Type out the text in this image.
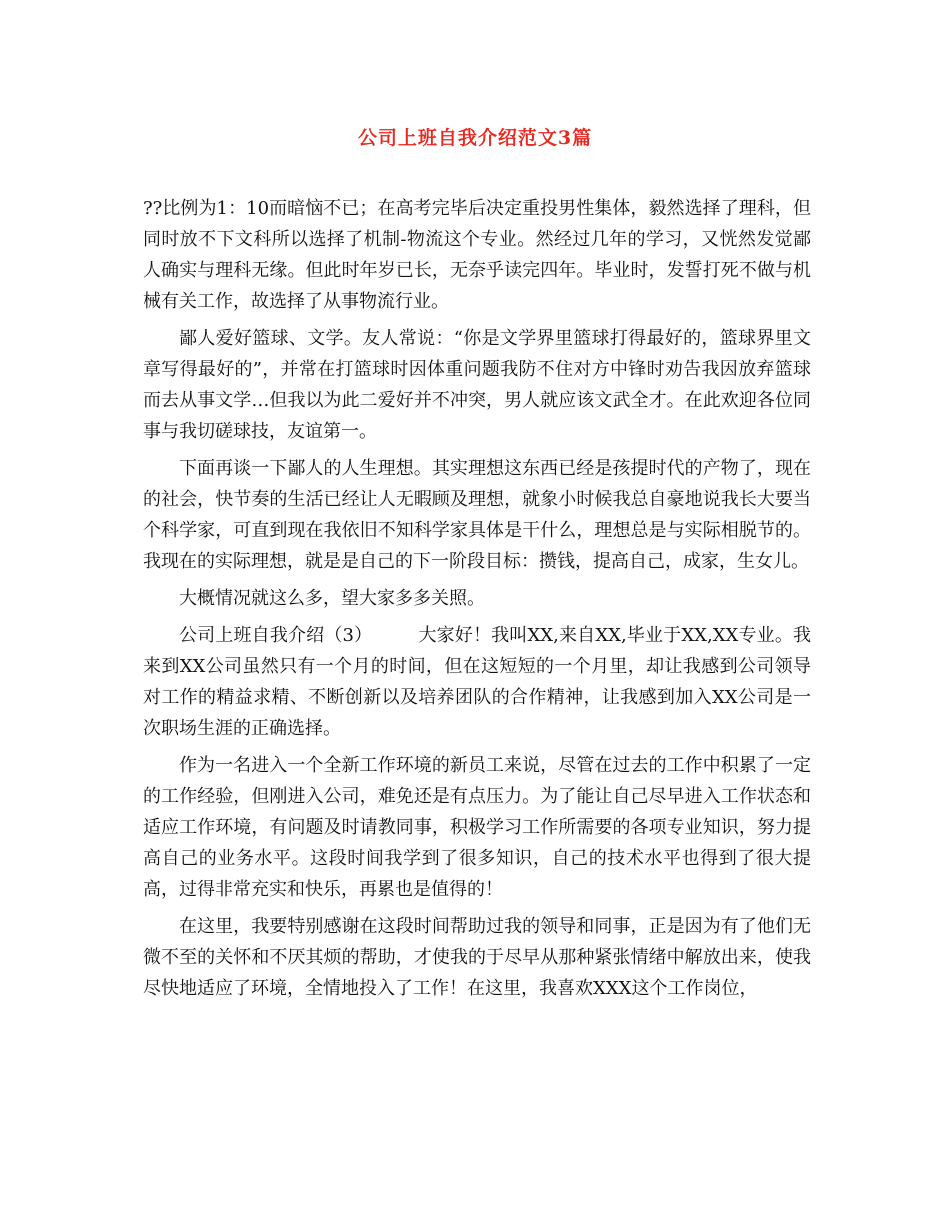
公司上班自我介绍范文3篇

??比例为1：10而暗恼不已；在高考完毕后决定重投男性集体，毅然选择了理科，但同时放不下文科所以选择了机制-物流这个专业。然经过几年的学习，又恍然发觉鄙人确实与理科无缘。但此时年岁已长，无奈乎读完四年。毕业时，发誓打死不做与机械有关工作，故选择了从事物流行业。

鄙人爱好篮球、文学。友人常说：“你是文学界里篮球打得最好的，篮球界里文章写得最好的”，并常在打篮球时因体重问题我防不住对方中锋时劝告我因放弃篮球而去从事文学…但我以为此二爱好并不冲突，男人就应该文武全才。在此欢迎各位同事与我切磋球技，友谊第一。

下面再谈一下鄙人的人生理想。其实理想这东西已经是孩提时代的产物了，现在的社会，快节奏的生活已经让人无暇顾及理想，就象小时候我总自豪地说我长大要当个科学家，可直到现在我依旧不知科学家具体是干什么，理想总是与实际相脱节的。我现在的实际理想，就是是自己的下一阶段目标：攒钱，提高自己，成家，生女儿。

大概情况就这么多，望大家多多关照。

公司上班自我介绍（3）	大家好！我叫XX,来自XX,毕业于XX,XX专业。我来到XX公司虽然只有一个月的时间，但在这短短的一个月里，却让我感到公司领导对工作的精益求精、不断创新以及培养团队的合作精神，让我感到加入XX公司是一次职场生涯的正确选择。

作为一名进入一个全新工作环境的新员工来说，尽管在过去的工作中积累了一定的工作经验，但刚进入公司，难免还是有点压力。为了能让自己尽早进入工作状态和适应工作环境，有问题及时请教同事，积极学习工作所需要的各项专业知识，努力提高自己的业务水平。这段时间我学到了很多知识，自己的技术水平也得到了很大提高，过得非常充实和快乐，再累也是值得的！

在这里，我要特别感谢在这段时间帮助过我的领导和同事，正是因为有了他们无微不至的关怀和不厌其烦的帮助，才使我的于尽早从那种紧张情绪中解放出来，使我尽快地适应了环境，全情地投入了工作！在这里，我喜欢XXX这个工作岗位，
